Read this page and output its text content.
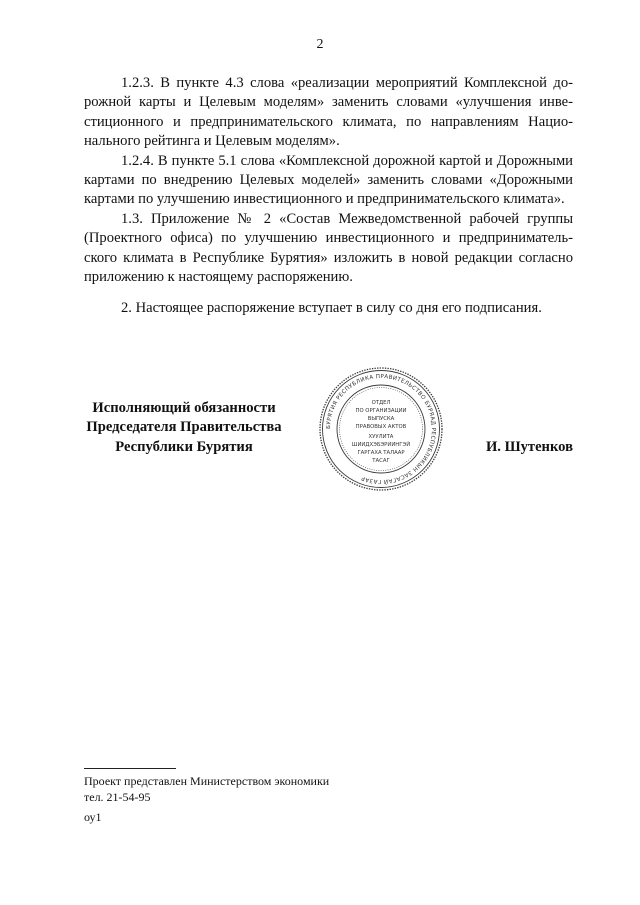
2

1.2.3. В пункте 4.3 слова «реализации мероприятий Комплексной дорожной карты и Целевым моделям» заменить словами «улучшения инвестиционного и предпринимательского климата, по направлениям Национального рейтинга и Целевым моделям».

1.2.4. В пункте 5.1 слова «Комплексной дорожной картой и Дорожными картами по внедрению Целевых моделей» заменить словами «Дорожными картами по улучшению инвестиционного и предпринимательского климата».

1.3. Приложение № 2 «Состав Межведомственной рабочей группы (Проектного офиса) по улучшению инвестиционного и предпринимательского климата в Республике Бурятия» изложить в новой редакции согласно приложению к настоящему распоряжению.

2. Настоящее распоряжение вступает в силу со дня его подписания.

Исполняющий обязанности
Председателя Правительства
Республики Бурятия
БУРЯТИЯ РЕСПУБЛИКА ПРАВИТЕЛЬСТВО БУРЯАД РЕСПУБЛИКЫН ЗАСАГАЙ ГАЗАР
ОТДЕЛ
ПО ОРГАНИЗАЦИИ
ВЫПУСКА
ПРАВОВЫХ АКТОВ
ХУУЛИТА
ШИИДХЭБЭРИИНГЭЙ
ГАРГАХА ТАЛААР
ТАСАГ
И. Шутенков
Проект представлен Министерством экономики
тел. 21-54-95
оу1
